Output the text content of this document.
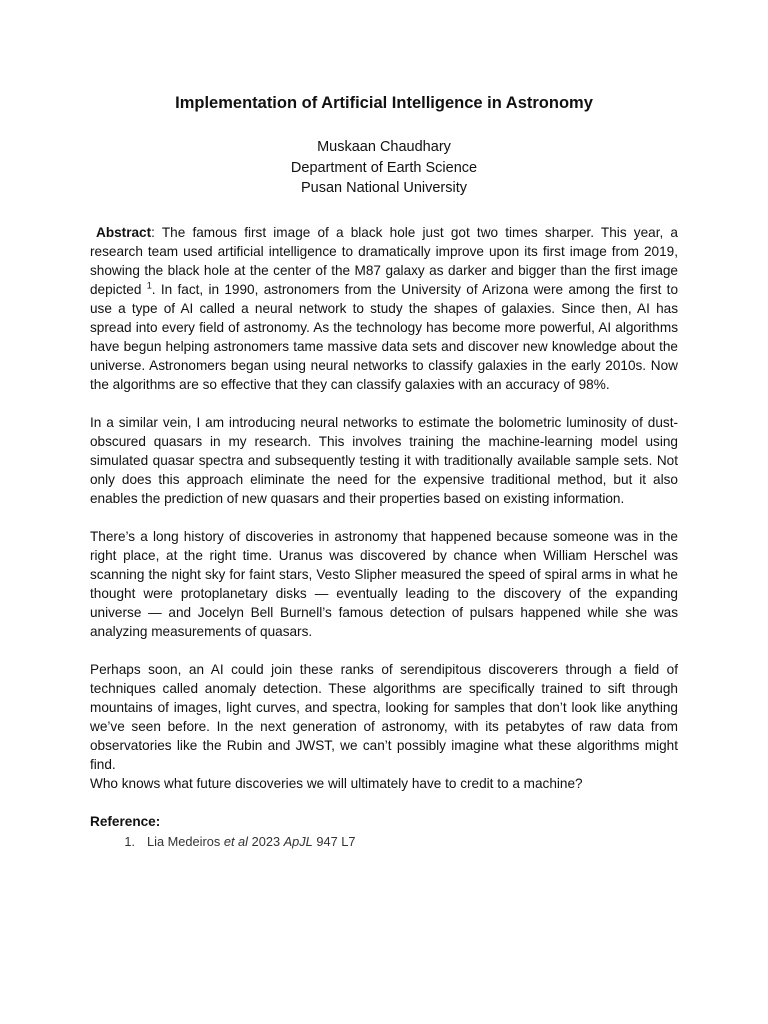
Implementation of Artificial Intelligence in Astronomy
Muskaan Chaudhary
Department of Earth Science
Pusan National University

Abstract: The famous first image of a black hole just got two times sharper. This year, a research team used artificial intelligence to dramatically improve upon its first image from 2019, showing the black hole at the center of the M87 galaxy as darker and bigger than the first image depicted $^1$. In fact, in 1990, astronomers from the University of Arizona were among the first to use a type of AI called a neural network to study the shapes of galaxies. Since then, AI has spread into every field of astronomy. As the technology has become more powerful, AI algorithms have begun helping astronomers tame massive data sets and discover new knowledge about the universe. Astronomers began using neural networks to classify galaxies in the early 2010s. Now the algorithms are so effective that they can classify galaxies with an accuracy of 98%.

In a similar vein, I am introducing neural networks to estimate the bolometric luminosity of dust-obscured quasars in my research. This involves training the machine-learning model using simulated quasar spectra and subsequently testing it with traditionally available sample sets. Not only does this approach eliminate the need for the expensive traditional method, but it also enables the prediction of new quasars and their properties based on existing information.

There’s a long history of discoveries in astronomy that happened because someone was in the right place, at the right time. Uranus was discovered by chance when William Herschel was scanning the night sky for faint stars, Vesto Slipher measured the speed of spiral arms in what he thought were protoplanetary disks — eventually leading to the discovery of the expanding universe — and Jocelyn Bell Burnell’s famous detection of pulsars happened while she was analyzing measurements of quasars.

Perhaps soon, an AI could join these ranks of serendipitous discoverers through a field of techniques called anomaly detection. These algorithms are specifically trained to sift through mountains of images, light curves, and spectra, looking for samples that don’t look like anything we’ve seen before. In the next generation of astronomy, with its petabytes of raw data from observatories like the Rubin and JWST, we can’t possibly imagine what these algorithms might find.

Who knows what future discoveries we will ultimately have to credit to a machine?

Reference:
1. Lia Medeiros et al 2023 ApJL 947 L7
